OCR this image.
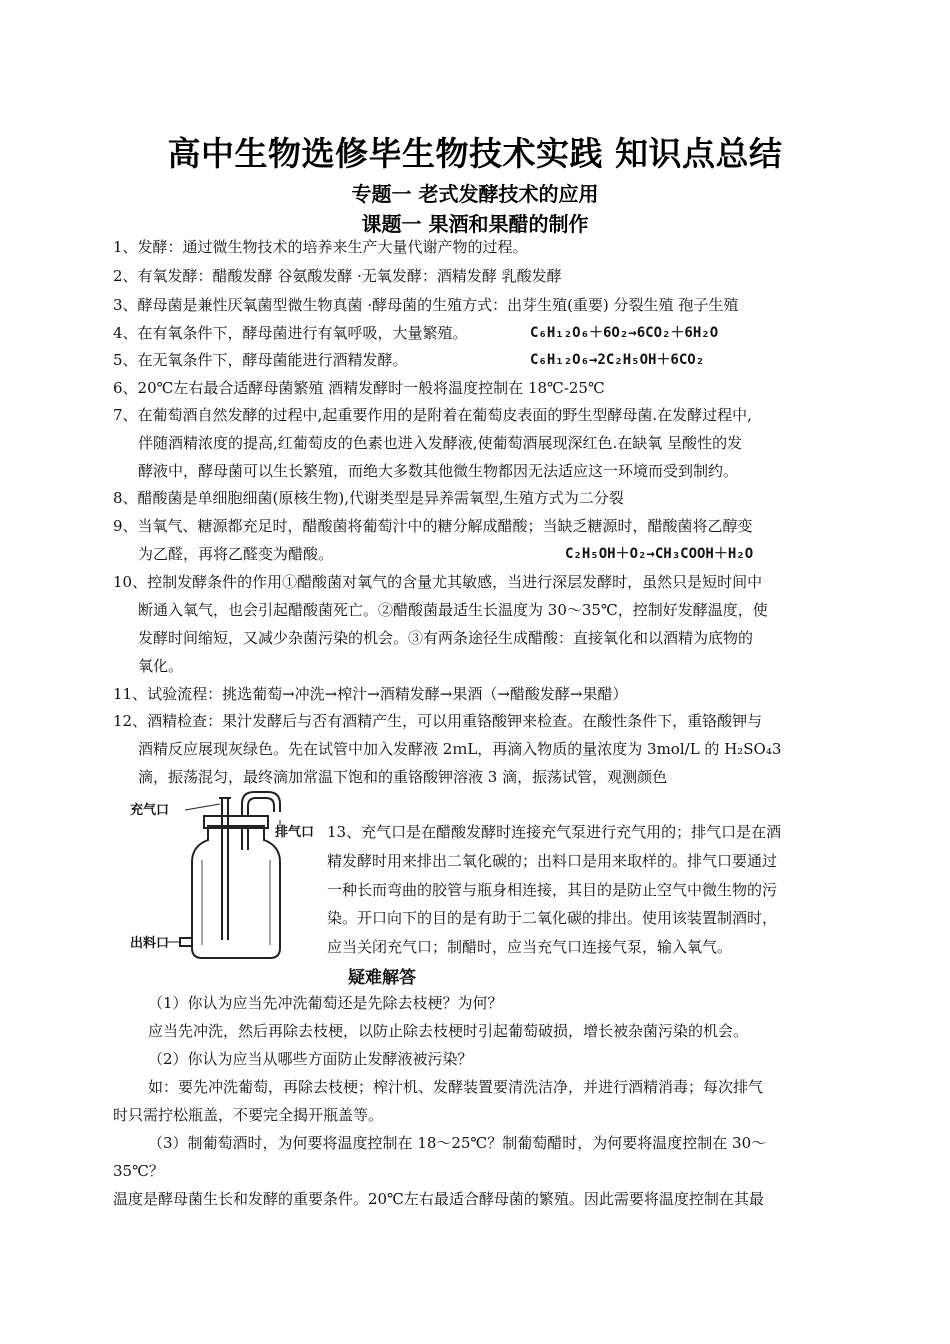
高中生物选修毕生物技术实践 知识点总结
专题一 老式发酵技术的应用
课题一 果酒和果醋的制作
1、发酵：通过微生物技术的培养来生产大量代谢产物的过程。
2、有氧发酵：醋酸发酵 谷氨酸发酵 ·无氧发酵：酒精发酵 乳酸发酵
3、酵母菌是兼性厌氧菌型微生物真菌 ·酵母菌的生殖方式：出芽生殖(重要) 分裂生殖 孢子生殖
4、在有氧条件下，酵母菌进行有氧呼吸，大量繁殖。	C₆H₁₂O₆＋6O₂→6CO₂＋6H₂O
5、在无氧条件下，酵母菌能进行酒精发酵。	C₆H₁₂O₆→2C₂H₅OH＋6CO₂
6、20℃左右最合适酵母菌繁殖 酒精发酵时一般将温度控制在 18℃-25℃
7、在葡萄酒自然发酵的过程中,起重要作用的是附着在葡萄皮表面的野生型酵母菌.在发酵过程中,
伴随酒精浓度的提高,红葡萄皮的色素也进入发酵液,使葡萄酒展现深红色.在缺氧 呈酸性的发
酵液中，酵母菌可以生长繁殖，而绝大多数其他微生物都因无法适应这一环境而受到制约。
8、醋酸菌是单细胞细菌(原核生物),代谢类型是异养需氧型,生殖方式为二分裂
9、当氧气、糖源都充足时，醋酸菌将葡萄汁中的糖分解成醋酸；当缺乏糖源时，醋酸菌将乙醇变
为乙醛，再将乙醛变为醋酸。	C₂H₅OH＋O₂→CH₃COOH＋H₂O
10、控制发酵条件的作用①醋酸菌对氧气的含量尤其敏感，当进行深层发酵时，虽然只是短时间中
断通入氧气，也会引起醋酸菌死亡。②醋酸菌最适生长温度为 30～35℃，控制好发酵温度，使
发酵时间缩短，又减少杂菌污染的机会。③有两条途径生成醋酸：直接氧化和以酒精为底物的
氧化。
11、试验流程：挑选葡萄→冲洗→榨汁→酒精发酵→果酒（→醋酸发酵→果醋）
12、酒精检查：果汁发酵后与否有酒精产生，可以用重铬酸钾来检查。在酸性条件下，重铬酸钾与
酒精反应展现灰绿色。先在试管中加入发酵液 2ｍL，再滴入物质的量浓度为 3mol/L 的 H₂SO₄3
滴，振荡混匀，最终滴加常温下饱和的重铬酸钾溶液 3 滴，振荡试管，观测颜色
充气口
排气口
出料口
13、充气口是在醋酸发酵时连接充气泵进行充气用的；排气口是在酒
精发酵时用来排出二氧化碳的；出料口是用来取样的。排气口要通过
一种长而弯曲的胶管与瓶身相连接，其目的是防止空气中微生物的污
染。开口向下的目的是有助于二氧化碳的排出。使用该装置制酒时，
应当关闭充气口；制醋时，应当充气口连接气泵，输入氧气。
疑难解答
（1）你认为应当先冲洗葡萄还是先除去枝梗？为何？
应当先冲洗，然后再除去枝梗，以防止除去枝梗时引起葡萄破损，增长被杂菌污染的机会。
（2）你认为应当从哪些方面防止发酵液被污染？
如：要先冲洗葡萄，再除去枝梗；榨汁机、发酵装置要清洗洁净，并进行酒精消毒；每次排气
时只需拧松瓶盖，不要完全揭开瓶盖等。
（3）制葡萄酒时，为何要将温度控制在 18～25℃？制葡萄醋时，为何要将温度控制在 30～
35℃？
温度是酵母菌生长和发酵的重要条件。20℃左右最适合酵母菌的繁殖。因此需要将温度控制在其最
